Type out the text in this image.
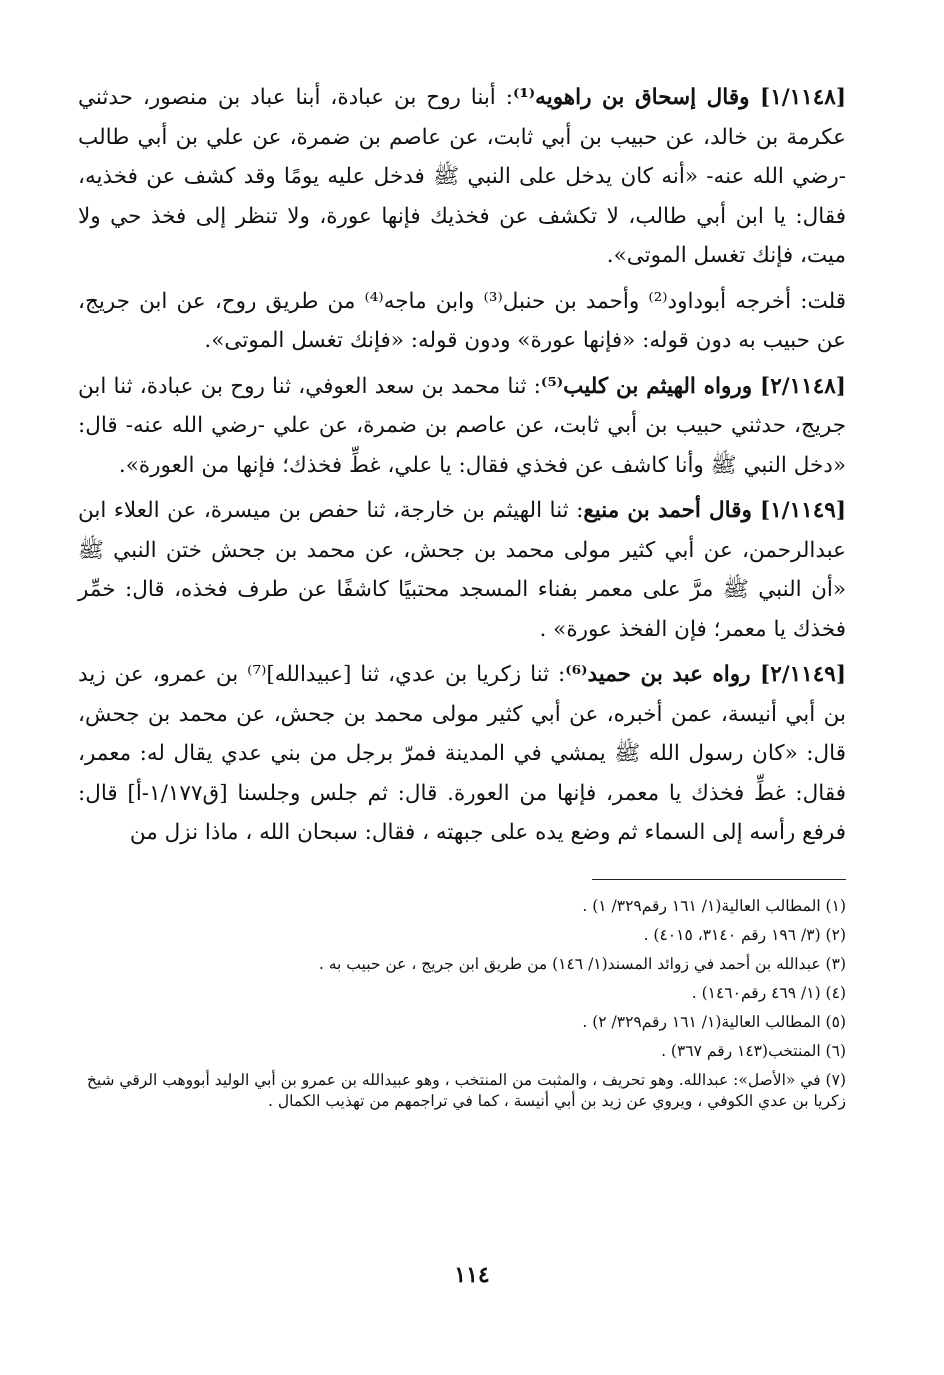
[١/١١٤٨] وقال إسحاق بن راهويه⁽¹⁾: أبنا روح بن عبادة، أبنا عباد بن منصور، حدثني عكرمة بن خالد، عن حبيب بن أبي ثابت، عن عاصم بن ضمرة، عن علي بن أبي طالب -رضي الله عنه- «أنه كان يدخل على النبي ﷺ فدخل عليه يومًا وقد كشف عن فخذيه، فقال: يا ابن أبي طالب، لا تكشف عن فخذيك فإنها عورة، ولا تنظر إلى فخذ حي ولا ميت، فإنك تغسل الموتى».

قلت: أخرجه أبوداود⁽²⁾ وأحمد بن حنبل⁽³⁾ وابن ماجه⁽⁴⁾ من طريق روح، عن ابن جريج، عن حبيب به دون قوله: «فإنها عورة» ودون قوله: «فإنك تغسل الموتى».

[٢/١١٤٨] ورواه الهيثم بن كليب⁽⁵⁾: ثنا محمد بن سعد العوفي، ثنا روح بن عبادة، ثنا ابن جريج، حدثني حبيب بن أبي ثابت، عن عاصم بن ضمرة، عن علي -رضي الله عنه- قال: «دخل النبي ﷺ وأنا كاشف عن فخذي فقال: يا علي، غطِّ فخذك؛ فإنها من العورة».

[١/١١٤٩] وقال أحمد بن منيع: ثنا الهيثم بن خارجة، ثنا حفص بن ميسرة، عن العلاء ابن عبدالرحمن، عن أبي كثير مولى محمد بن جحش، عن محمد بن جحش ختن النبي ﷺ «أن النبي ﷺ مرَّ على معمر بفناء المسجد محتبيًا كاشفًا عن طرف فخذه، قال: خمِّر فخذك يا معمر؛ فإن الفخذ عورة» .

[٢/١١٤٩] رواه عبد بن حميد⁽⁶⁾: ثنا زكريا بن عدي، ثنا [عبيدالله]⁽⁷⁾ بن عمرو، عن زيد بن أبي أنيسة، عمن أخبره، عن أبي كثير مولى محمد بن جحش، عن محمد بن جحش، قال: «كان رسول الله ﷺ يمشي في المدينة فمرّ برجل من بني عدي يقال له: معمر، فقال: غطِّ فخذك يا معمر، فإنها من العورة. قال: ثم جلس وجلسنا [ق١/١٧٧-أ] قال: فرفع رأسه إلى السماء ثم وضع يده على جبهته ، فقال: سبحان الله ، ماذا نزل من

(١) المطالب العالية(١/ ١٦١ رقم٣٢٩/ ١) .

(٢) (٣/ ١٩٦ رقم ٣١٤٠، ٤٠١٥) .

(٣) عبدالله بن أحمد في زوائد المسند(١/ ١٤٦) من طريق ابن جريج ، عن حبيب به .

(٤) (١/ ٤٦٩ رقم١٤٦٠) .

(٥) المطالب العالية(١/ ١٦١ رقم٣٢٩/ ٢) .

(٦) المنتخب(١٤٣ رقم ٣٦٧) .

(٧) في «الأصل»: عبدالله. وهو تحريف ، والمثبت من المنتخب ، وهو عبيدالله بن عمرو بن أبي الوليد أبووهب الرقي شيخ زكريا بن عدي الكوفي ، ويروي عن زيد بن أبي أنيسة ، كما في تراجمهم من تهذيب الكمال .

١١٤
